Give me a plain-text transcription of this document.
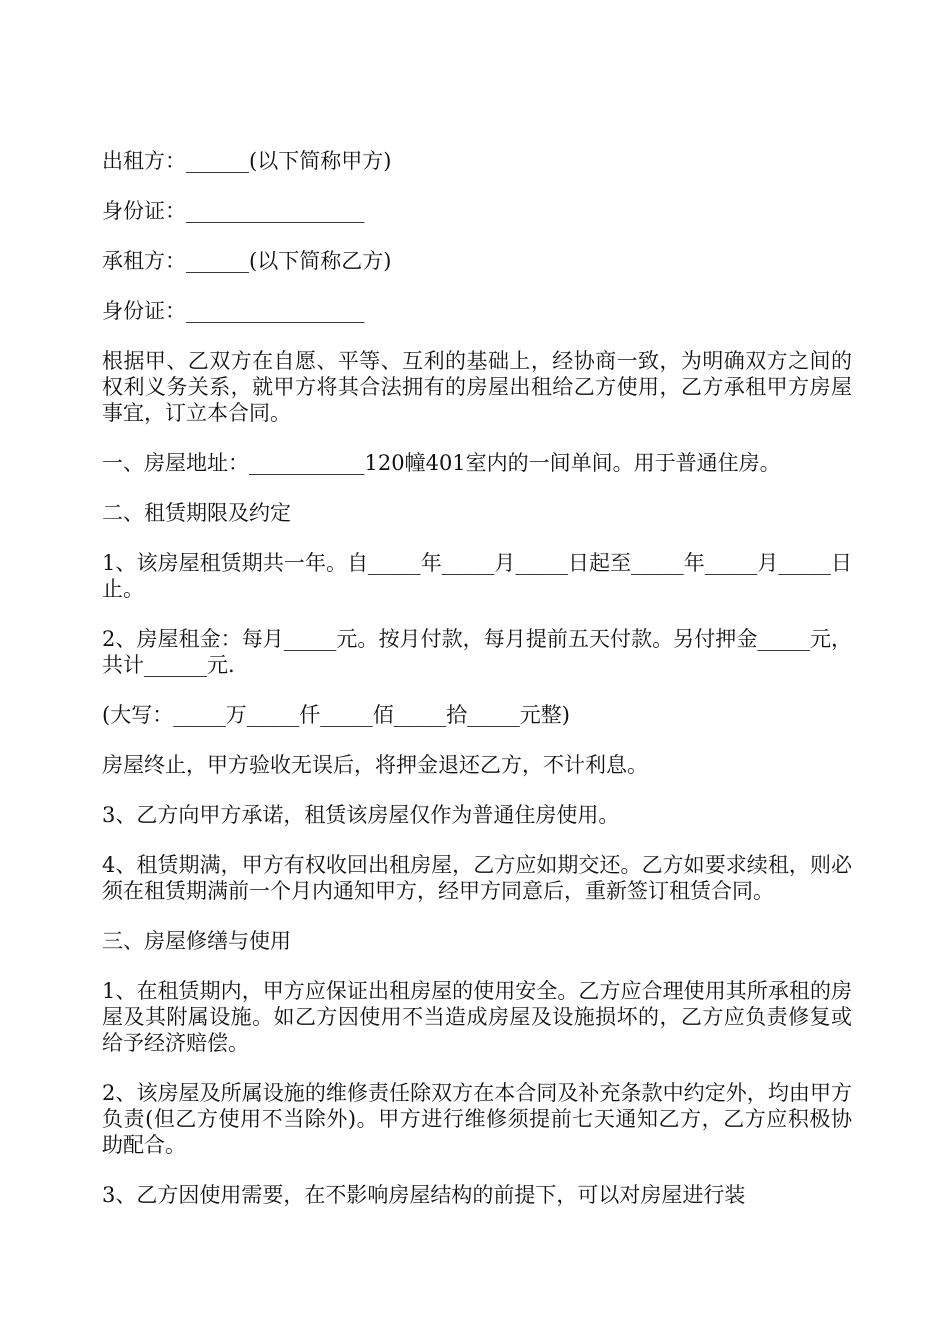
出租方：______(以下简称甲方)

身份证：_________________

承租方：______(以下简称乙方)

身份证：_________________

根据甲、乙双方在自愿、平等、互利的基础上，经协商一致，为明确双方之间的权利义务关系，就甲方将其合法拥有的房屋出租给乙方使用，乙方承租甲方房屋事宜，订立本合同。

一、房屋地址：___________120幢401室内的一间单间。用于普通住房。

二、租赁期限及约定

1、该房屋租赁期共一年。自_____年_____月_____日起至_____年_____月_____日止。

2、房屋租金：每月_____元。按月付款，每月提前五天付款。另付押金_____元，共计______元.

(大写：_____万_____仟_____佰_____拾_____元整)

房屋终止，甲方验收无误后，将押金退还乙方，不计利息。

3、乙方向甲方承诺，租赁该房屋仅作为普通住房使用。

4、租赁期满，甲方有权收回出租房屋，乙方应如期交还。乙方如要求续租，则必须在租赁期满前一个月内通知甲方，经甲方同意后，重新签订租赁合同。

三、房屋修缮与使用

1、在租赁期内，甲方应保证出租房屋的使用安全。乙方应合理使用其所承租的房屋及其附属设施。如乙方因使用不当造成房屋及设施损坏的，乙方应负责修复或给予经济赔偿。

2、该房屋及所属设施的维修责任除双方在本合同及补充条款中约定外，均由甲方负责(但乙方使用不当除外)。甲方进行维修须提前七天通知乙方，乙方应积极协助配合。

3、乙方因使用需要，在不影响房屋结构的前提下，可以对房屋进行装
